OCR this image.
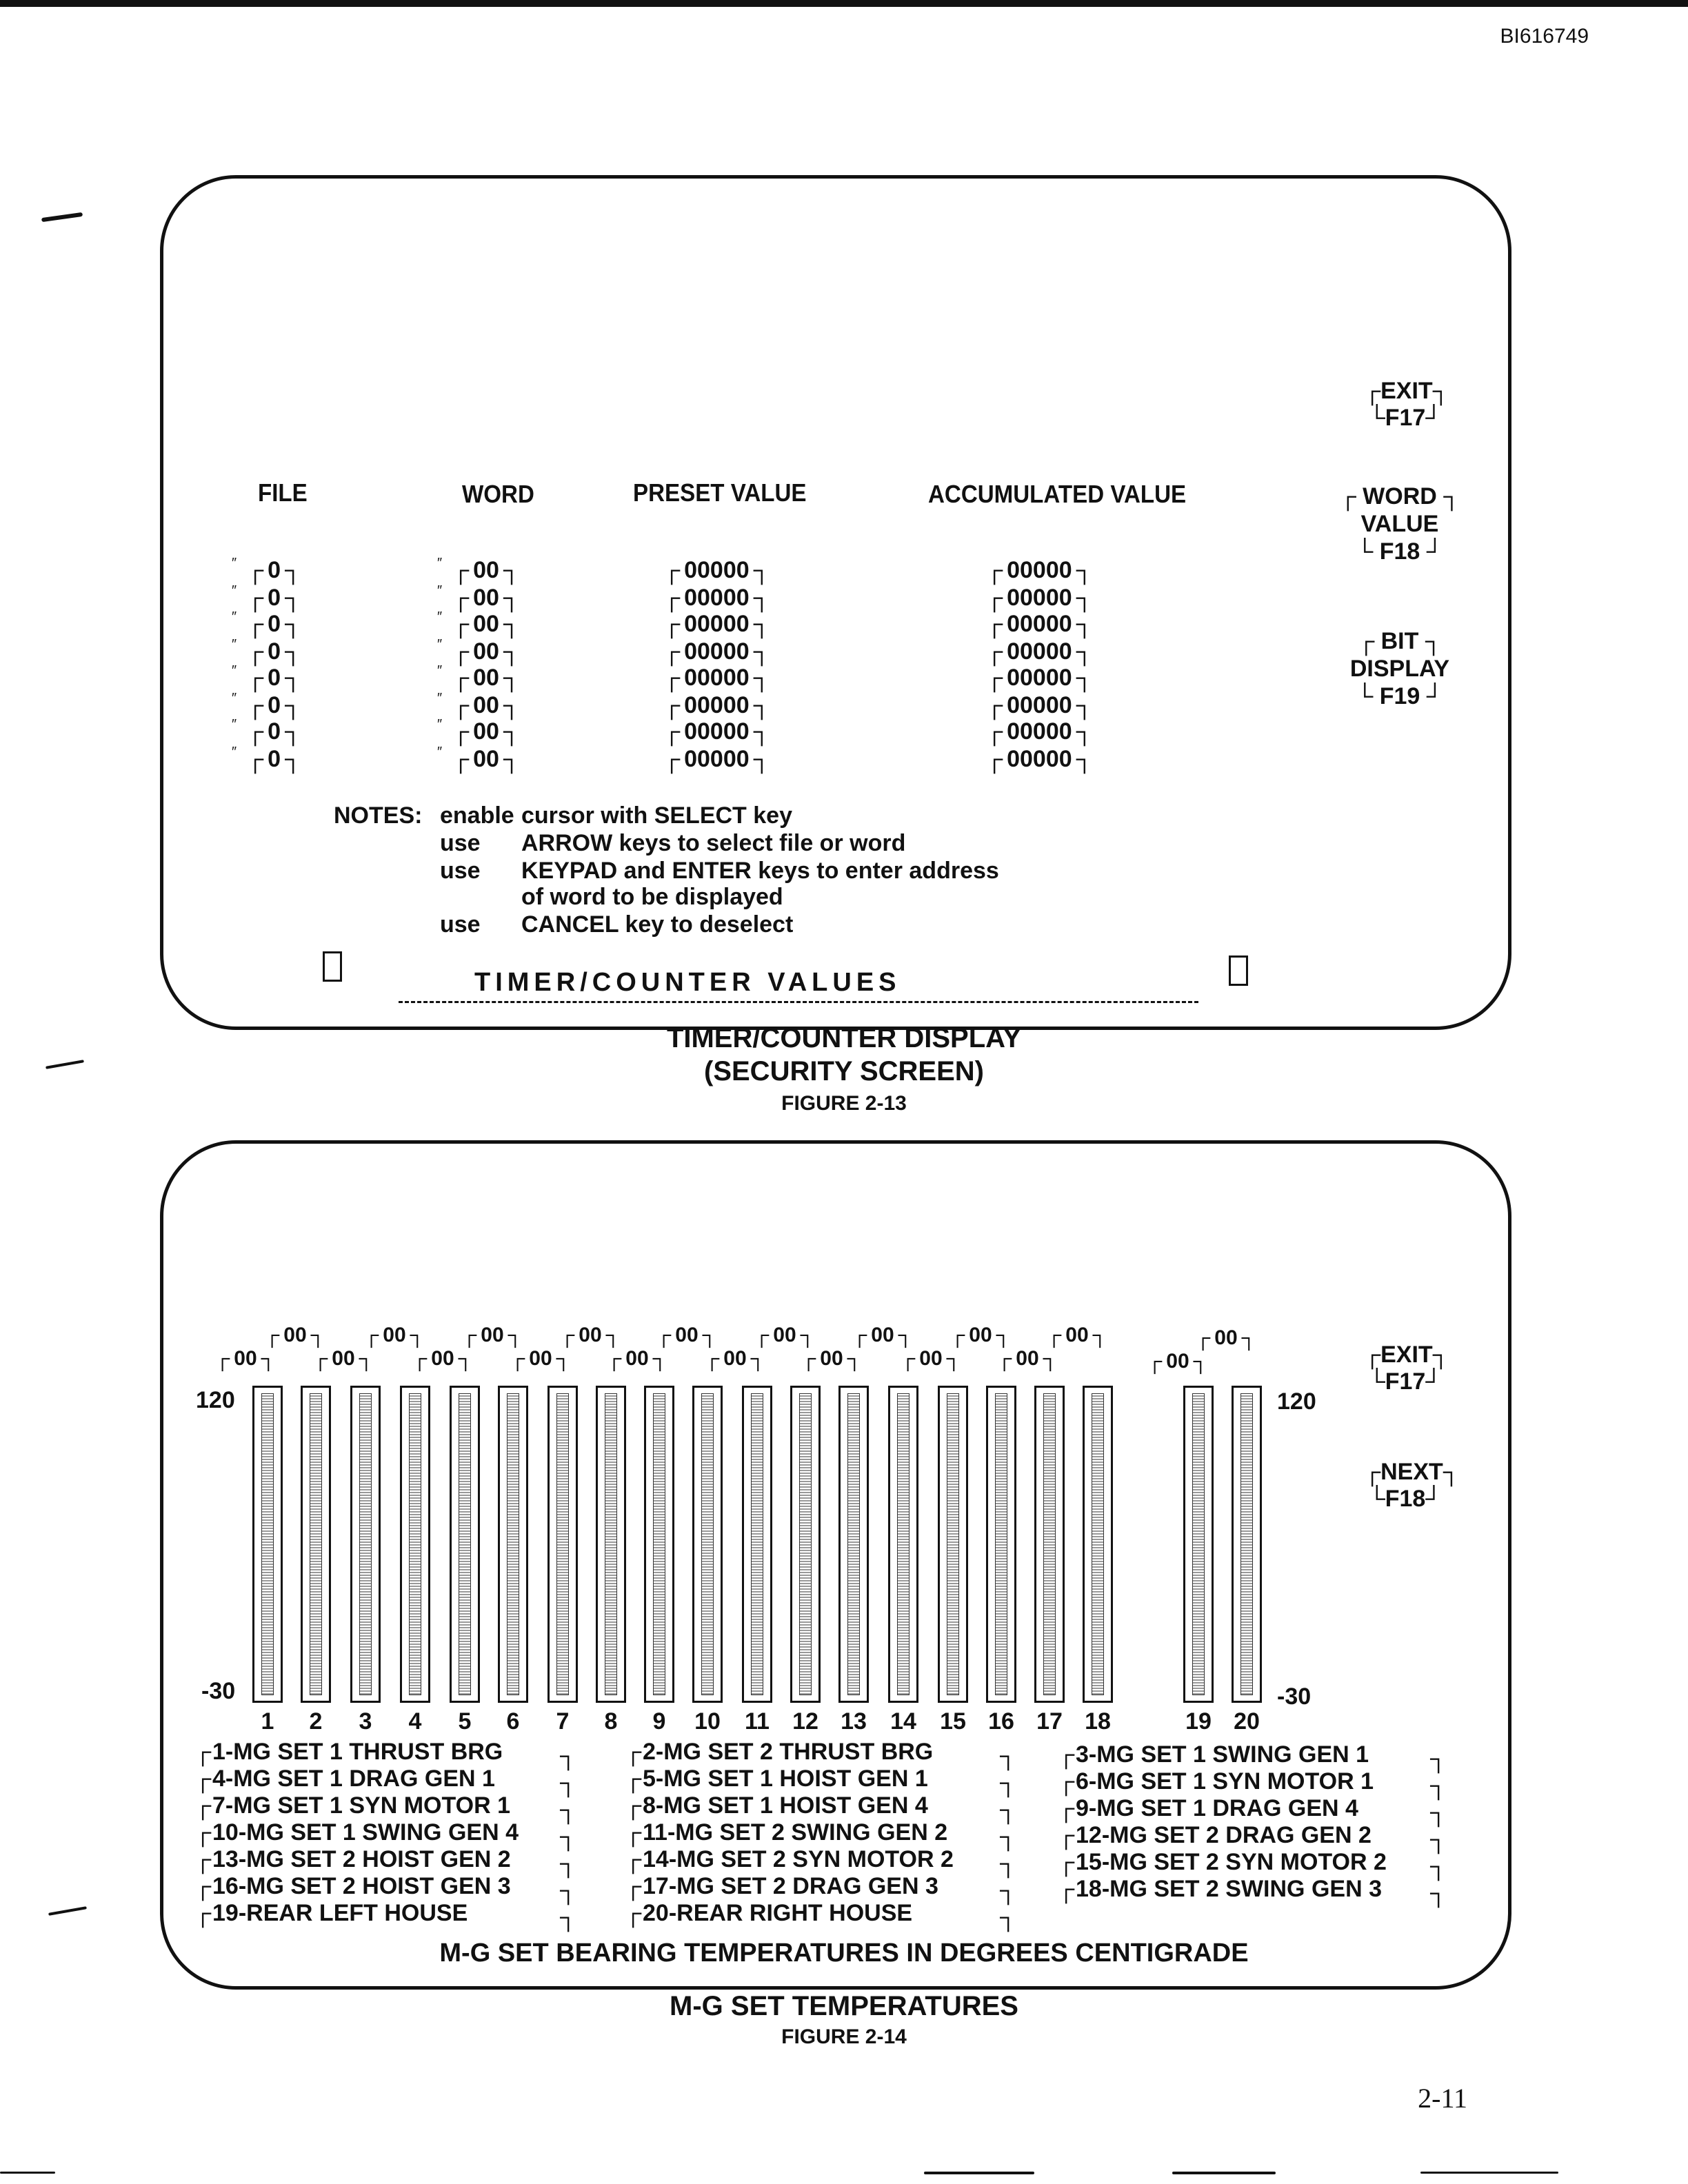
BI616749
FILE	WORD	PRESET VALUE	ACCUMULATED VALUE
″	┌ 0 ┐	″	┌ 00 ┐	┌ 00000 ┐	┌ 00000 ┐
″	┌ 0 ┐	″	┌ 00 ┐	┌ 00000 ┐	┌ 00000 ┐
″	┌ 0 ┐	″	┌ 00 ┐	┌ 00000 ┐	┌ 00000 ┐
″	┌ 0 ┐	″	┌ 00 ┐	┌ 00000 ┐	┌ 00000 ┐
″	┌ 0 ┐	″	┌ 00 ┐	┌ 00000 ┐	┌ 00000 ┐
″	┌ 0 ┐	″	┌ 00 ┐	┌ 00000 ┐	┌ 00000 ┐
″	┌ 0 ┐	″	┌ 00 ┐	┌ 00000 ┐	┌ 00000 ┐
″	┌ 0 ┐	″	┌ 00 ┐	┌ 00000 ┐	┌ 00000 ┐
┌EXIT┐
└F17┘
┌ WORD ┐
VALUE
└ F18 ┘
┌ BIT ┐
DISPLAY
└ F19 ┘
NOTES: enable cursor with SELECT key
use ARROW keys to select file or word
use KEYPAD and ENTER keys to enter address
of word to be displayed
use CANCEL key to deselect
TIMER/COUNTER VALUES
TIMER/COUNTER DISPLAY
(SECURITY SCREEN)
FIGURE 2-13
120
-30
120
-30
1
┌ 00 ┐
2
┌ 00 ┐
3
┌ 00 ┐
4
┌ 00 ┐
5
┌ 00 ┐
6
┌ 00 ┐
7
┌ 00 ┐
8
┌ 00 ┐
9
┌ 00 ┐
10
┌ 00 ┐
11
┌ 00 ┐
12
┌ 00 ┐
13
┌ 00 ┐
14
┌ 00 ┐
15
┌ 00 ┐
16
┌ 00 ┐
17
┌ 00 ┐
18
┌ 00 ┐
19
┌ 00 ┐
20
┌ 00 ┐
┌EXIT┐
└F17┘
┌NEXT┐
└F18┘
┌ 1-MG SET 1 THRUST BRG ┐
┌ 4-MG SET 1 DRAG GEN 1	┐
┌ 7-MG SET 1 SYN MOTOR 1 ┐
┌ 10-MG SET 1 SWING GEN 4 ┐
┌ 13-MG SET 2 HOIST GEN 2 ┐
┌ 16-MG SET 2 HOIST GEN 3 ┐
┌ 19-REAR LEFT HOUSE	┐
┌ 2-MG SET 2 THRUST BRG	┐
┌ 5-MG SET 1 HOIST GEN 1	┐
┌ 8-MG SET 1 HOIST GEN 4	┐
┌ 11-MG SET 2 SWING GEN 2 ┐
┌ 14-MG SET 2 SYN MOTOR 2 ┐
┌ 17-MG SET 2 DRAG GEN 3	┐
┌ 20-REAR RIGHT HOUSE	┐
┌ 3-MG SET 1 SWING GEN 1	┐
┌ 6-MG SET 1 SYN MOTOR 1 ┐
┌ 9-MG SET 1 DRAG GEN 4	┐
┌ 12-MG SET 2 DRAG GEN 2	┐
┌ 15-MG SET 2 SYN MOTOR 2 ┐
┌ 18-MG SET 2 SWING GEN 3 ┐
M-G SET BEARING TEMPERATURES IN DEGREES CENTIGRADE
M-G SET TEMPERATURES
FIGURE 2-14
2-11
